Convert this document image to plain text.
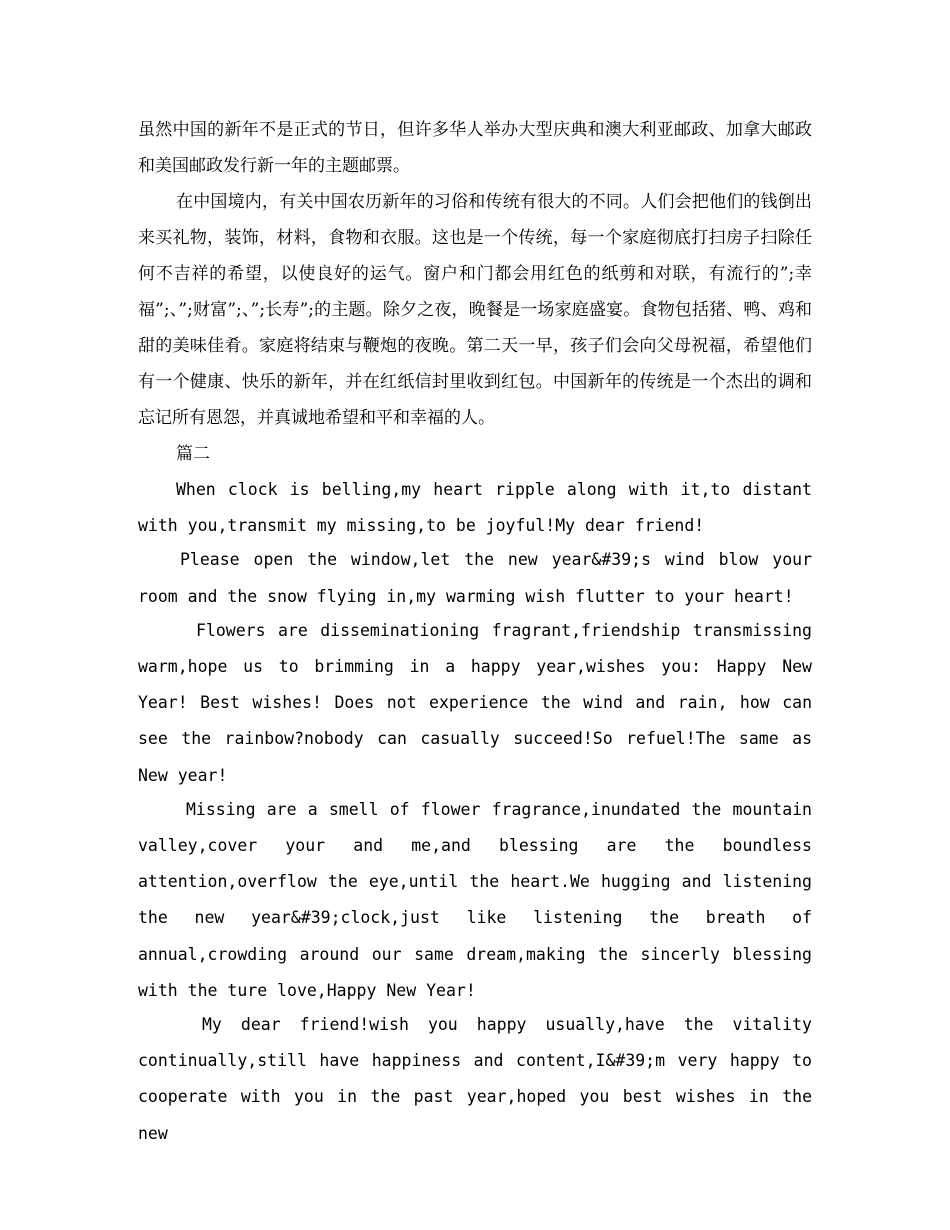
虽然中国的新年不是正式的节日，但许多华人举办大型庆典和澳大利亚邮政、加拿大邮政和美国邮政发行新一年的主题邮票。

在中国境内，有关中国农历新年的习俗和传统有很大的不同。人们会把他们的钱倒出来买礼物，装饰，材料，食物和衣服。这也是一个传统，每一个家庭彻底打扫房子扫除任何不吉祥的希望，以使良好的运气。窗户和门都会用红色的纸剪和对联，有流行的”;幸福”;、”;财富”;、”;长寿”;的主题。除夕之夜，晚餐是一场家庭盛宴。食物包括猪、鸭、鸡和甜的美味佳肴。家庭将结束与鞭炮的夜晚。第二天一早，孩子们会向父母祝福，希望他们有一个健康、快乐的新年，并在红纸信封里收到红包。中国新年的传统是一个杰出的调和忘记所有恩怨，并真诚地希望和平和幸福的人。

篇二

When clock is belling,my heart ripple along with it,to distant with you,transmit my missing,to be joyful!My dear friend!

Please open the window,let the new year&#39;s wind blow your room and the snow flying in,my warming wish flutter to your heart!

Flowers are disseminationing fragrant,friendship transmissing warm,hope us to brimming in a happy year,wishes you: Happy New Year! Best wishes! Does not experience the wind and rain, how can see the rainbow?nobody can casually succeed!So refuel!The same as New year!

Missing are a smell of flower fragrance,inundated the mountain valley,cover your and me,and blessing are the boundless attention,overflow the eye,until the heart.We hugging and listening the new year&#39;clock,just like listening the breath of annual,crowding around our same dream,making the sincerly blessing with the ture love,Happy New Year!

My dear friend!wish you happy usually,have the vitality continually,still have happiness and content,I&#39;m very happy to cooperate with you in the past year,hoped you best wishes in the new
